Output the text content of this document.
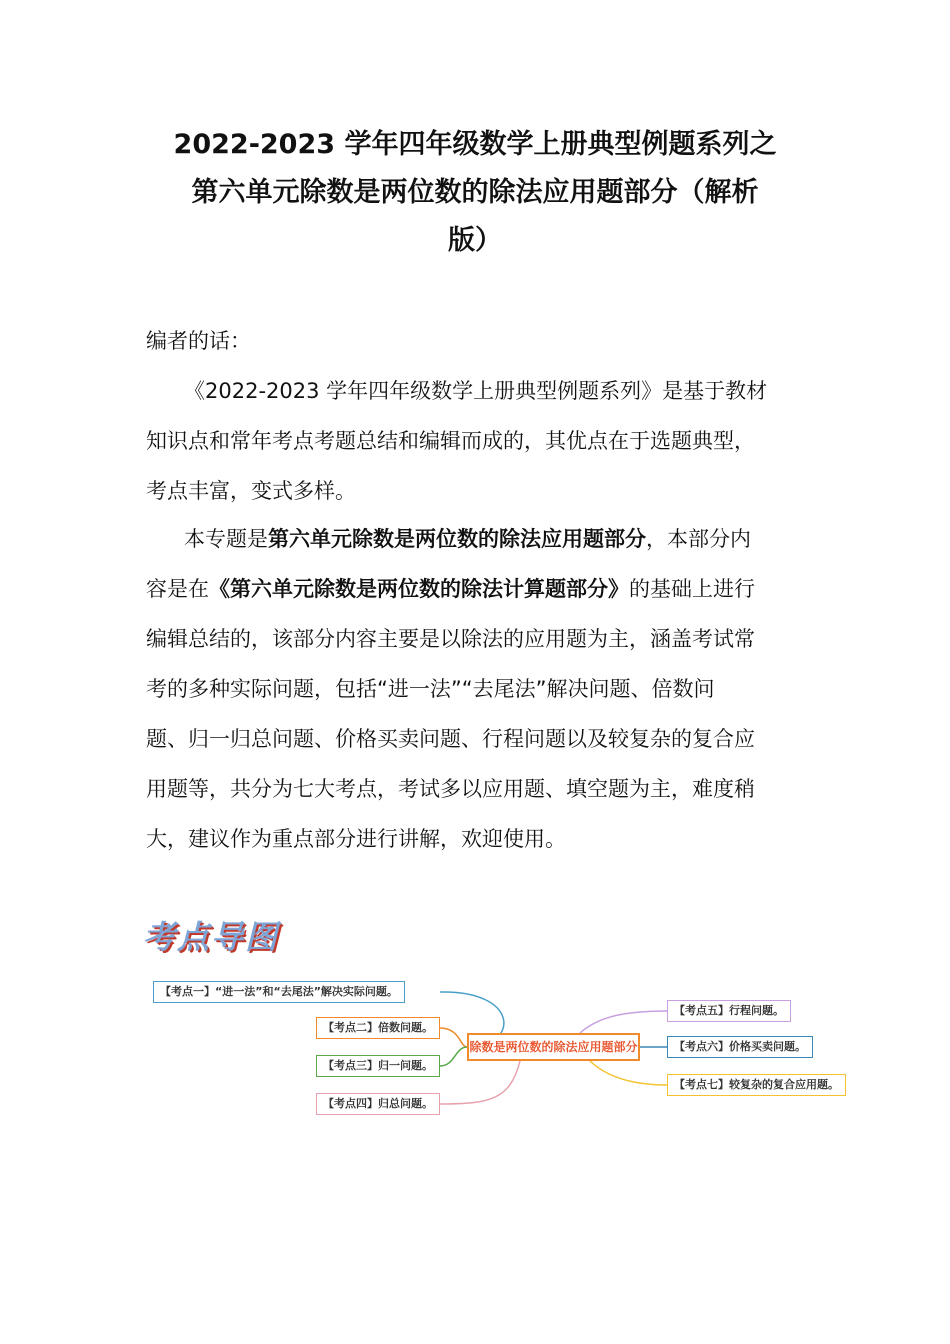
2022-2023 学年四年级数学上册典型例题系列之
第六单元除数是两位数的除法应用题部分（解析
版）
编者的话：
《2022-2023 学年四年级数学上册典型例题系列》是基于教材
知识点和常年考点考题总结和编辑而成的，其优点在于选题典型，
考点丰富，变式多样。
本专题是第六单元除数是两位数的除法应用题部分，本部分内
容是在《第六单元除数是两位数的除法计算题部分》的基础上进行
编辑总结的，该部分内容主要是以除法的应用题为主，涵盖考试常
考的多种实际问题，包括“进一法”“去尾法”解决问题、倍数问
题、归一归总问题、价格买卖问题、行程问题以及较复杂的复合应
用题等，共分为七大考点，考试多以应用题、填空题为主，难度稍
大，建议作为重点部分进行讲解，欢迎使用。
考点导图
除数是两位数的除法应用题部分
【考点一】“进一法”和“去尾法”解决实际问题。
【考点二】倍数问题。
【考点三】归一问题。
【考点四】归总问题。
【考点五】行程问题。
【考点六】价格买卖问题。
【考点七】较复杂的复合应用题。
